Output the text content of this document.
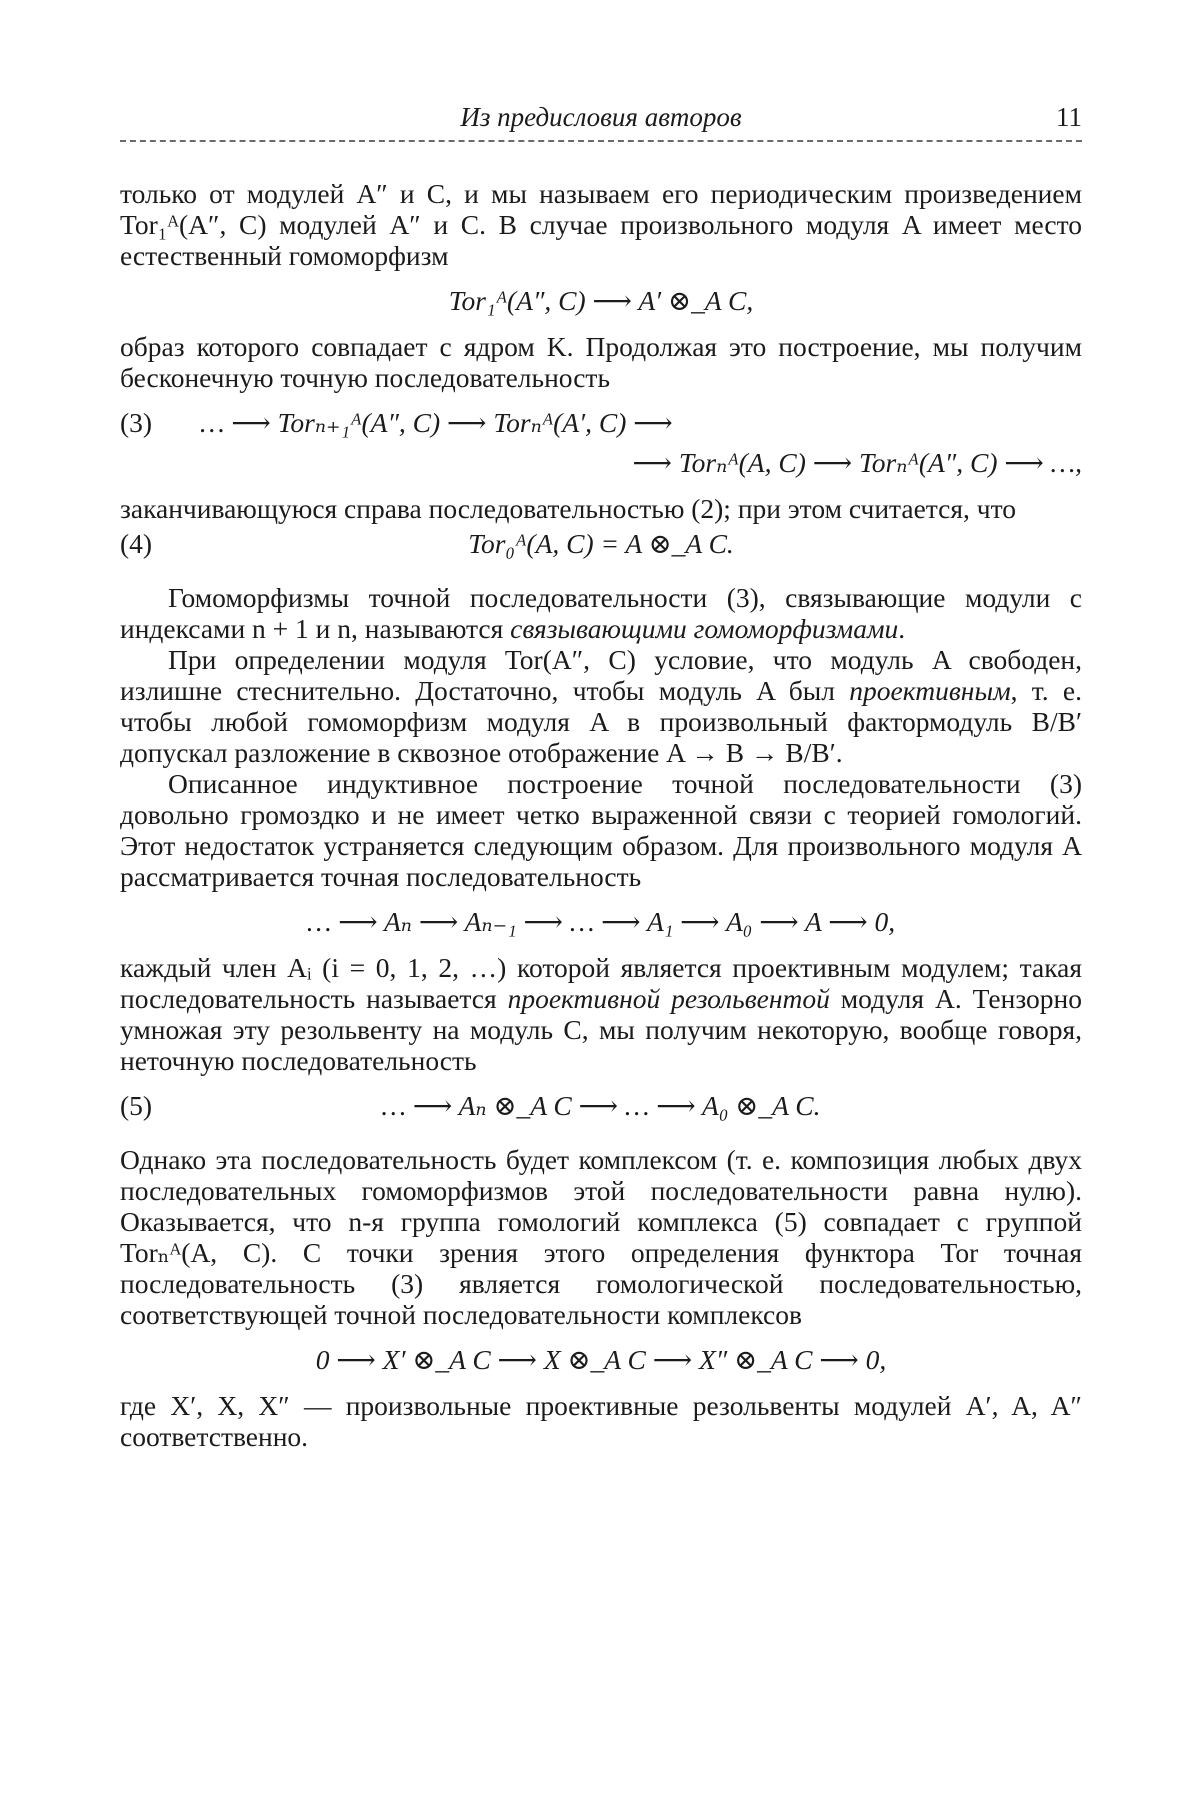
Из предисловия авторов	11

только от модулей A″ и C, и мы называем его периодическим произведением Tor₁ᴬ(A″, C) модулей A″ и C. В случае произвольного модуля A имеет место естественный гомоморфизм

Tor₁ᴬ(A″, C) ⟶ A′ ⊗_A C,

образ которого совпадает с ядром K. Продолжая это построение, мы получим бесконечную точную последовательность

(3) … ⟶ Torₙ₊₁ᴬ(A″, C) ⟶ Torₙᴬ(A′, C) ⟶
⟶ Torₙᴬ(A, C) ⟶ Torₙᴬ(A″, C) ⟶ …,

заканчивающуюся справа последовательностью (2); при этом считается, что

(4)	Tor₀ᴬ(A, C) = A ⊗_A C.

Гомоморфизмы точной последовательности (3), связывающие модули с индексами n + 1 и n, называются связывающими гомоморфизмами.

При определении модуля Tor(A″, C) условие, что модуль A свободен, излишне стеснительно. Достаточно, чтобы модуль A был проективным, т. е. чтобы любой гомоморфизм модуля A в произвольный фактормодуль B/B′ допускал разложение в сквозное отображение A → B → B/B′.

Описанное индуктивное построение точной последовательности (3) довольно громоздко и не имеет четко выраженной связи с теорией гомологий. Этот недостаток устраняется следующим образом. Для произвольного модуля A рассматривается точная последовательность

… ⟶ Aₙ ⟶ Aₙ₋₁ ⟶ … ⟶ A₁ ⟶ A₀ ⟶ A ⟶ 0,

каждый член Aᵢ (i = 0, 1, 2, …) которой является проективным модулем; такая последовательность называется проективной резольвентой модуля A. Тензорно умножая эту резольвенту на модуль C, мы получим некоторую, вообще говоря, неточную последовательность

(5)	… ⟶ Aₙ ⊗_A C ⟶ … ⟶ A₀ ⊗_A C.

Однако эта последовательность будет комплексом (т. е. композиция любых двух последовательных гомоморфизмов этой последовательности равна нулю). Оказывается, что n-я группа гомологий комплекса (5) совпадает с группой Torₙᴬ(A, C). С точки зрения этого определения функтора Tor точная последовательность (3) является гомологической последовательностью, соответствующей точной последовательности комплексов

0 ⟶ X′ ⊗_A C ⟶ X ⊗_A C ⟶ X″ ⊗_A C ⟶ 0,

где X′, X, X″ — произвольные проективные резольвенты модулей A′, A, A″ соответственно.
